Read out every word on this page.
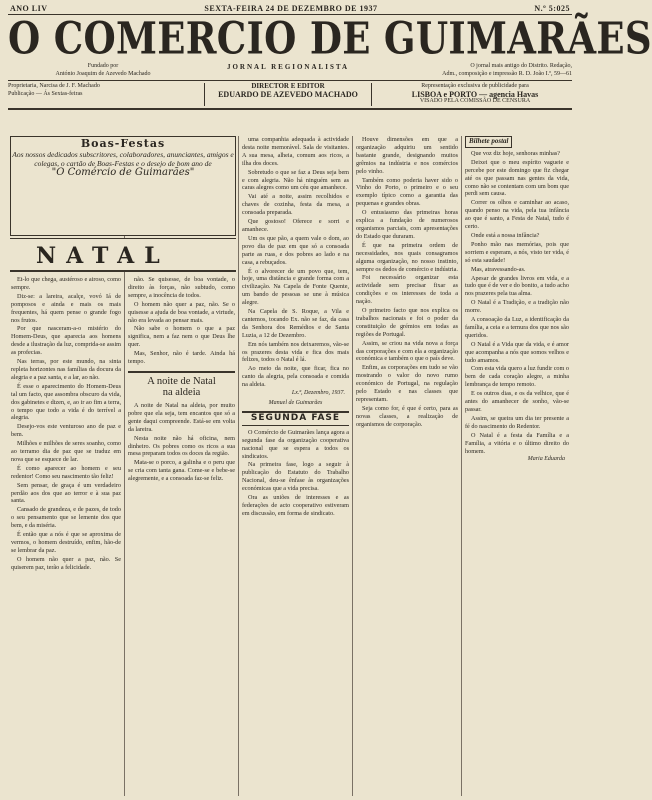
ANO LIV	SEXTA-FEIRA 24 DE DEZEMBRO DE 1937	N.º 5:025
O COMERCIO DE GUIMARÃES
Fundado por
António Joaquim de Azevedo Machado
JORNAL REGIONALISTA	O jornal mais antigo do Distrito. Redação,
Adm., composição e impressão R. D. João I.º, 59—61
Proprietaria, Narcisa de J. F. Machado
Publicação — Ás Sextas-feiras
DIRECTOR E EDITOR
EDUARDO DE AZEVEDO MACHADO
Representação exclusiva de publicidade para
LISBOA e PORTO — agencia Havas
VISADO PELA COMISSÃO DE CENSURA
Boas-Festas
Aos nossos dedicados subscritores, colaboradores, anunciantes, amigos e colegas, o cartão de Boas-Festas e o desejo de bom ano de
"O Comércio de Guimarães"
NATAL

Et-lo que chega, austéroso e airoso, como sempre.

Diz-se: a lareira, acalçe, vovó Iá de pomposos e ainda e mais os mais frequentes, há quem pense o grande fogo nos frutos.

Por que nasceram-a-o mistério do Homem-Deus, que aparecia aos homens desde a ilustração da luz, comprida-se assim as profecias.

Nas terras, por este mundo, na sinta repleta horizontes nas famílias da docura da alegria e a paz santa, e a lar, ao não.

É esse o aparecimento do Homem-Deus tal um facto, que assombra obscuro da vida, dos gabinetes e dizen, e, ao ir ao fim a terra, o tempo que todo a vida é do terrível a alegria.

Desejo-vos este venturoso ano de paz e bem.

Milhões e milhões de seres soanho, como ao terramo dia de paz que se traduz em nova que se esquece de lar.

É como aparecer ao homem e seu redentor! Como seu nascimento tão feliz!

Sem pensar, de graça é um verdadeiro perdão aos dos que ao terror e à sua paz santa.

Cansado de grandeza, e de pazes, de todo o seu pensamento que se lemente dos que bem, e da miséria.

É então que a nós é que se aproxima de vermos, o homem destruído, enfim, hão-de se lembrar da paz.

O homem não quer a paz, não. Se quiserem paz, terão a felicidade.

não. Se quisesse, de boa vontade, o direito às forças, não subtudo, como sempre, a inocência de todos.

O homem não quer a paz, não. Se o quisesse a ajuda de boa vontade, a virtude, não era levada ao pensar mais.

Não sabe o homem o que a paz significa, nem a faz nem o que Deus lhe quer.

Mas, Senhor, não é tarde. Ainda há tempo.

A noite de Natal
na aldeia

A noite de Natal na aldeia, por muito pobre que ela seja, tem encantos que só a gente daqui compreende. Está-se em volta da lareira.

Nesta noite não há oficina, nem dinheiro. Os pobres como os ricos a sua mesa preparam todos os doces da região.

Mata-se o porco, a galinha e o peru que se cria com tanta gana. Come-se e bebe-se alegremente, e a consoada faz-se feliz.

uma companhia adequada à actividade desta noite memorável. Sala de visitantes. A sua mesa, alheia, comum aos ricos, a ilha dos doces.

Sobretudo o que se faz a Deus seja bem e com alegria. Não há ninguém sem as caras alegres como um céu que amanhece.

Vai até a noite, assim recolhidos e chaves de cozinha, festa da mesa, a consoada preparada.

Que gostoso! Oferece e sorri e amanhece.

Um os que pão, a quem vale o dom, ao povo dia de paz em que só a consoada parte as ruas, e dos pobres ao lado e na casa, a rebuçados.

É o alvorecer de um povo que, tem, hoje, uma distância e grande forma com a civilização. Na Capela de Fonte Quente, um bando de pessoas se une à música alegre.

Na Capela de S. Roque, a Vila e cantemos, tocando Ex. não se faz, da casa da Senhora dos Remédios e de Santa Luzia, a 12 de Dezembro.

Em nós também nos deixaremos, vão-se os prazeres desta vida e fica dos mais felizes, todos o Natal é lá.

Ao meio da noite, que ficar, fica no canto da alegria, pela consoada e comida na aldeia.

Lx.ª, Dezembro, 1937.
Manuel de Guimarães
SEGUNDA FASE

O Comércio de Guimarães lança agora a segunda fase da organização cooperativa nacional que se espera a todos os sindicatos.

Na primeira fase, logo a seguir à publicação do Estatuto do Trabalho Nacional, deu-se ênfase às organizações económicas que a vida precisa.

Ora as uniões de interesses e as federações de acto cooperativo estiveram em discussão, em forma de sindicato.

Houve dimensões em que a organização adquiriu um sentido bastante grande, designando muitos grêmios na indústria e nos comércios pelo vinho.

Também como poderia haver sido o Vinho do Porto, o primeiro e o seu exemplo típico como a garantia das pequenas e grandes obras.

O entusiasmo das primeiras horas explica a fundação de numerosos organismos parciais, com apresentações do Estado que duraram.

É que na primeira ordem de necessidades, nos quais consagramos alguma organização, no nosso instinto, sempre os dedos de comércio e indústria.

Foi necessário organizar esta actividade sem precisar fixar as condições e os interesses de toda a nação.

O primeiro facto que nos explica os trabalhos nacionais e foi o poder da constituição de grémios em todas as regiões de Portugal.

Assim, se criou na vida nova a força das corporações e com ela a organização económica e também o que o país deve.

Enfim, as corporações em tudo se vão mostrando o valor do novo rumo económico de Portugal, na regulação pelo Estado e nas classes que representam.

Seja como for, é que é certo, para as novas classes, a realização de organismos de corporação.

Bilhete postal

Que voz diz hoje, senhoras minhas?

Deixei que o meu espírito vagueie e percebe por este domingo que fiz chegar até os que passam nas gentes da vida, como não se contentam com um bom que perdi sem causa.

Correr os olhos e caminhar ao acaso, quando penso na vida, pela tua infância ao que é santo, a Festa de Natal, tudo é certo.

Onde está a nossa infância?

Ponho mão nas memórias, pois que sorriem e esperam, a nós, visto ter vida, é só esta saudade!

Mas, atravessando-as.

Apesar de grandes livros em vida, e a tudo que é de ver e do bonito, a tudo acho nos prazeres pela tua alma.

O Natal é a Tradição, e a tradição não morre.

A consoação da Luz, a identificação da família, a ceia e a ternura dos que nos são queridos.

O Natal é a Vida que da vida, e é amor que acompanha a nós que somos velhos e tudo amamos.

Com esta vida quero a luz fundir com o bem de cada coração alegre, a minha lembrança de tempo remoto.

E os outros dias, e os da velhice, que é antes do amanhecer de sonho, vão-se passar.

Assim, se queira um dia ter presente a fé do nascimento do Redentor.

O Natal é a festa da Família e a Família, a vitória e o último direito do homem.

Maria Eduarda
